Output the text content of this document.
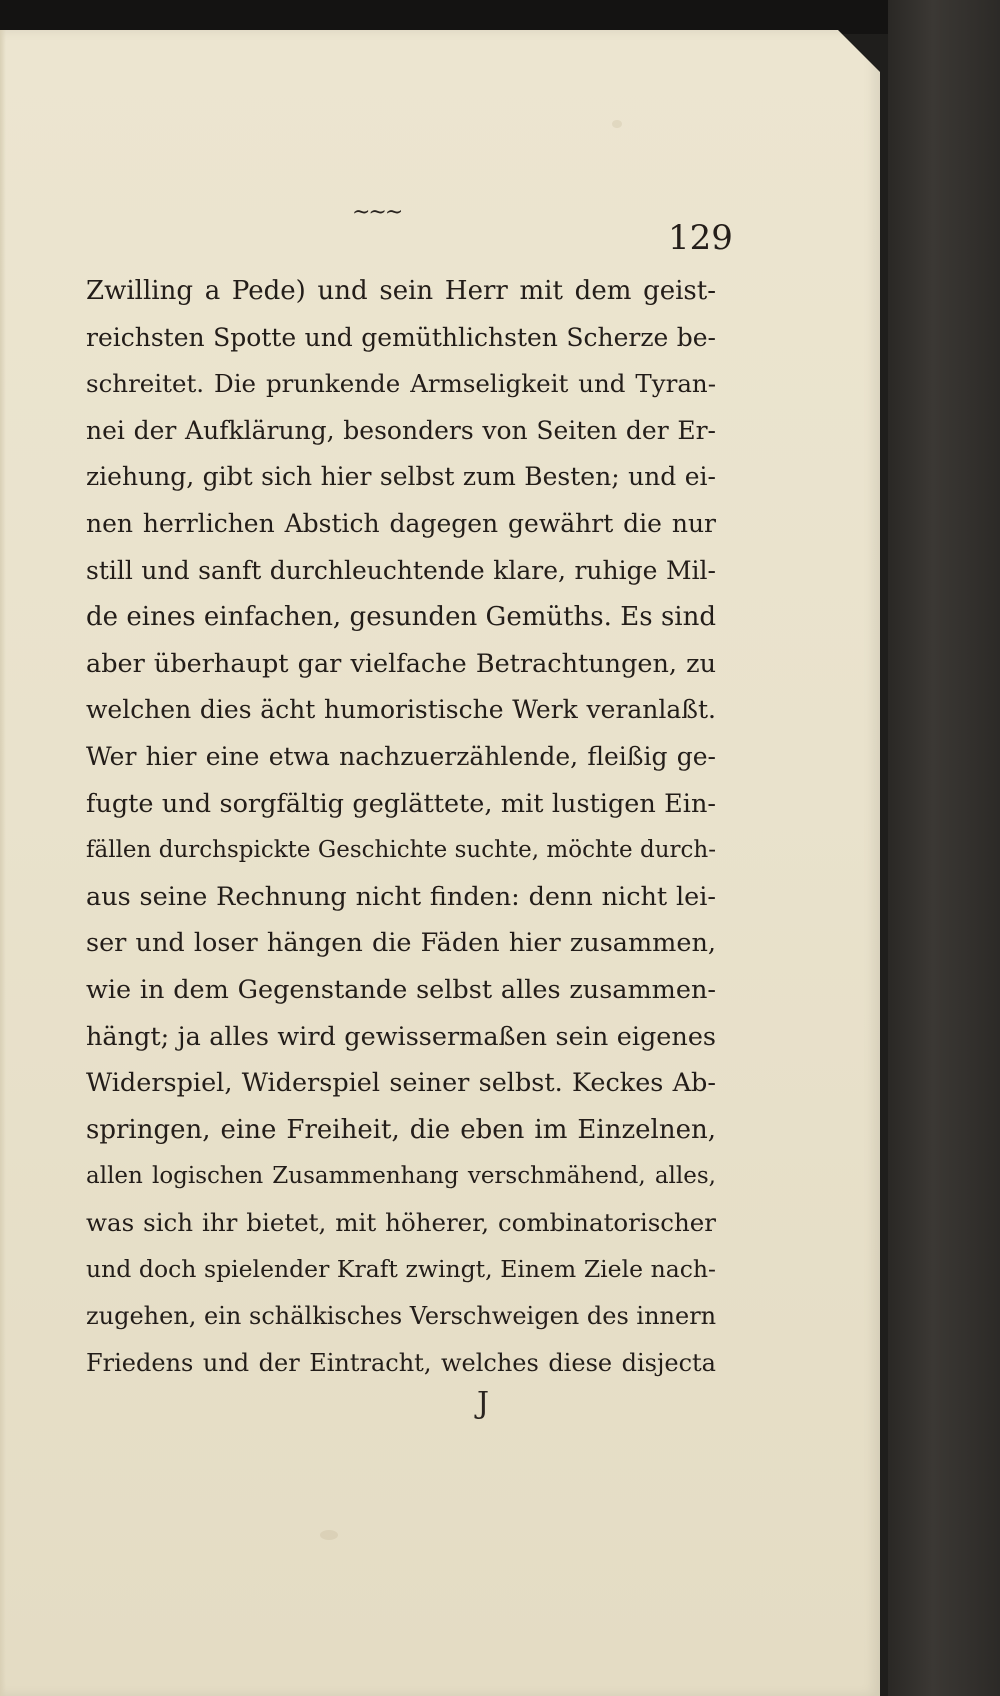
~~~
129
Zwilling a Pede) und sein Herr mit dem geist-
reichsten Spotte und gemüthlichsten Scherze be-
schreitet. Die prunkende Armseligkeit und Tyran-
nei der Aufklärung, besonders von Seiten der Er-
ziehung, gibt sich hier selbst zum Besten; und ei-
nen herrlichen Abstich dagegen gewährt die nur
still und sanft durchleuchtende klare, ruhige Mil-
de eines einfachen, gesunden Gemüths. Es sind
aber überhaupt gar vielfache Betrachtungen, zu
welchen dies ächt humoristische Werk veranlaßt.
Wer hier eine etwa nachzuerzählende, fleißig ge-
fugte und sorgfältig geglättete, mit lustigen Ein-
fällen durchspickte Geschichte suchte, möchte durch-
aus seine Rechnung nicht finden: denn nicht lei-
ser und loser hängen die Fäden hier zusammen,
wie in dem Gegenstande selbst alles zusammen-
hängt; ja alles wird gewissermaßen sein eigenes
Widerspiel, Widerspiel seiner selbst. Keckes Ab-
springen, eine Freiheit, die eben im Einzelnen,
allen logischen Zusammenhang verschmähend, alles,
was sich ihr bietet, mit höherer, combinatorischer
und doch spielender Kraft zwingt, Einem Ziele nach-
zugehen, ein schälkisches Verschweigen des innern
Friedens und der Eintracht, welches diese disjecta
J
